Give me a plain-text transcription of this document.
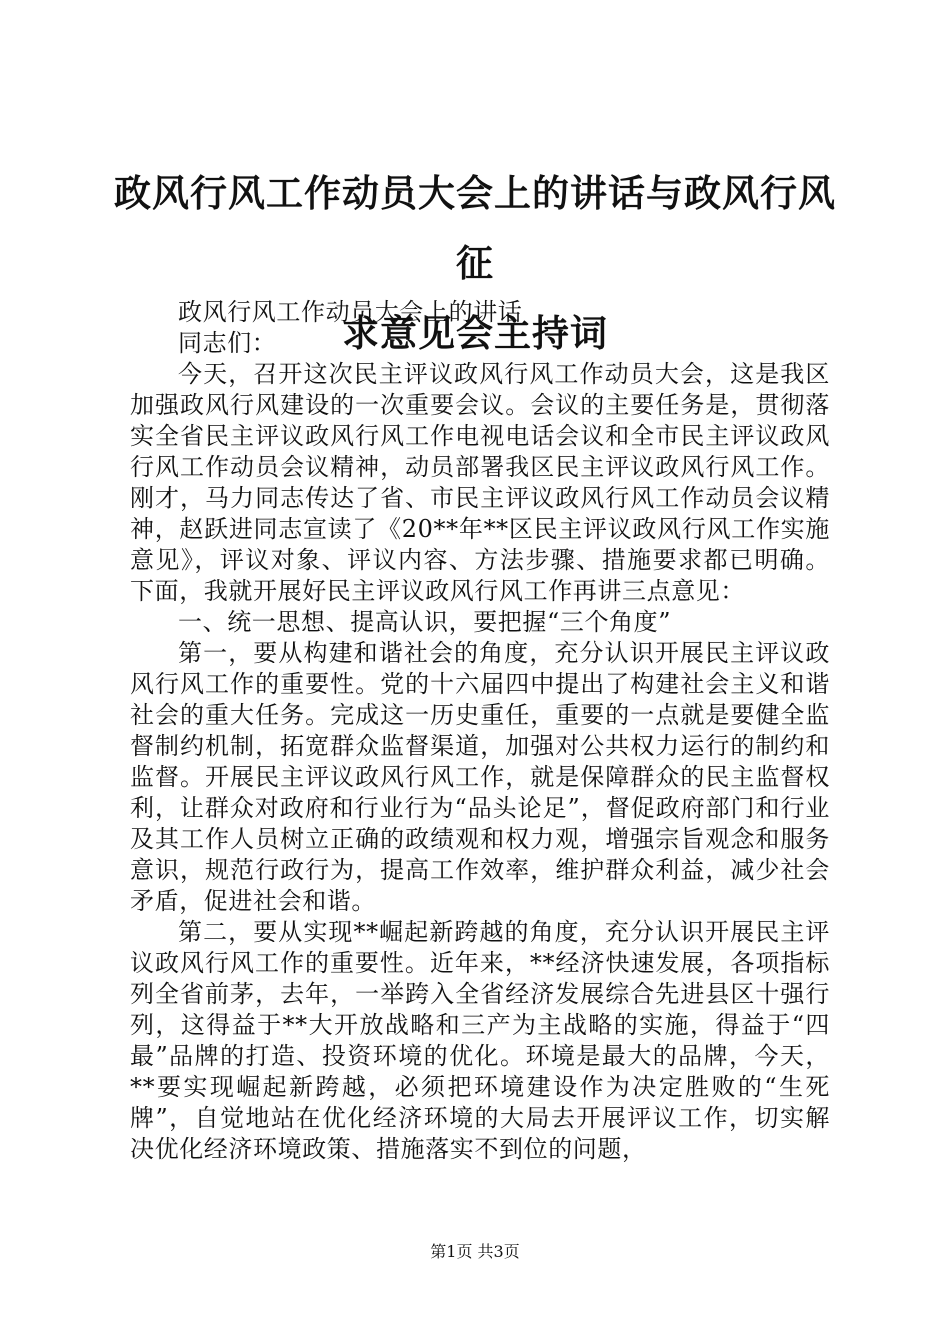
政风行风工作动员大会上的讲话与政风行风征
求意见会主持词

政风行风工作动员大会上的讲话

同志们：

今天，召开这次民主评议政风行风工作动员大会，这是我区加强政风行风建设的一次重要会议。会议的主要任务是，贯彻落实全省民主评议政风行风工作电视电话会议和全市民主评议政风行风工作动员会议精神，动员部署我区民主评议政风行风工作。刚才，马力同志传达了省、市民主评议政风行风工作动员会议精神，赵跃进同志宣读了《20**年**区民主评议政风行风工作实施意见》，评议对象、评议内容、方法步骤、措施要求都已明确。下面，我就开展好民主评议政风行风工作再讲三点意见：

一、统一思想、提高认识，要把握“三个角度”

第一，要从构建和谐社会的角度，充分认识开展民主评议政风行风工作的重要性。党的十六届四中提出了构建社会主义和谐社会的重大任务。完成这一历史重任，重要的一点就是要健全监督制约机制，拓宽群众监督渠道，加强对公共权力运行的制约和监督。开展民主评议政风行风工作，就是保障群众的民主监督权利，让群众对政府和行业行为“品头论足”，督促政府部门和行业及其工作人员树立正确的政绩观和权力观，增强宗旨观念和服务意识，规范行政行为，提高工作效率，维护群众利益，减少社会矛盾，促进社会和谐。

第二，要从实现**崛起新跨越的角度，充分认识开展民主评议政风行风工作的重要性。近年来，**经济快速发展，各项指标列全省前茅，去年，一举跨入全省经济发展综合先进县区十强行列，这得益于**大开放战略和三产为主战略的实施，得益于“四最”品牌的打造、投资环境的优化。环境是最大的品牌，今天，**要实现崛起新跨越，必须把环境建设作为决定胜败的“生死牌”，自觉地站在优化经济环境的大局去开展评议工作，切实解决优化经济环境政策、措施落实不到位的问题，

第1页 共3页
